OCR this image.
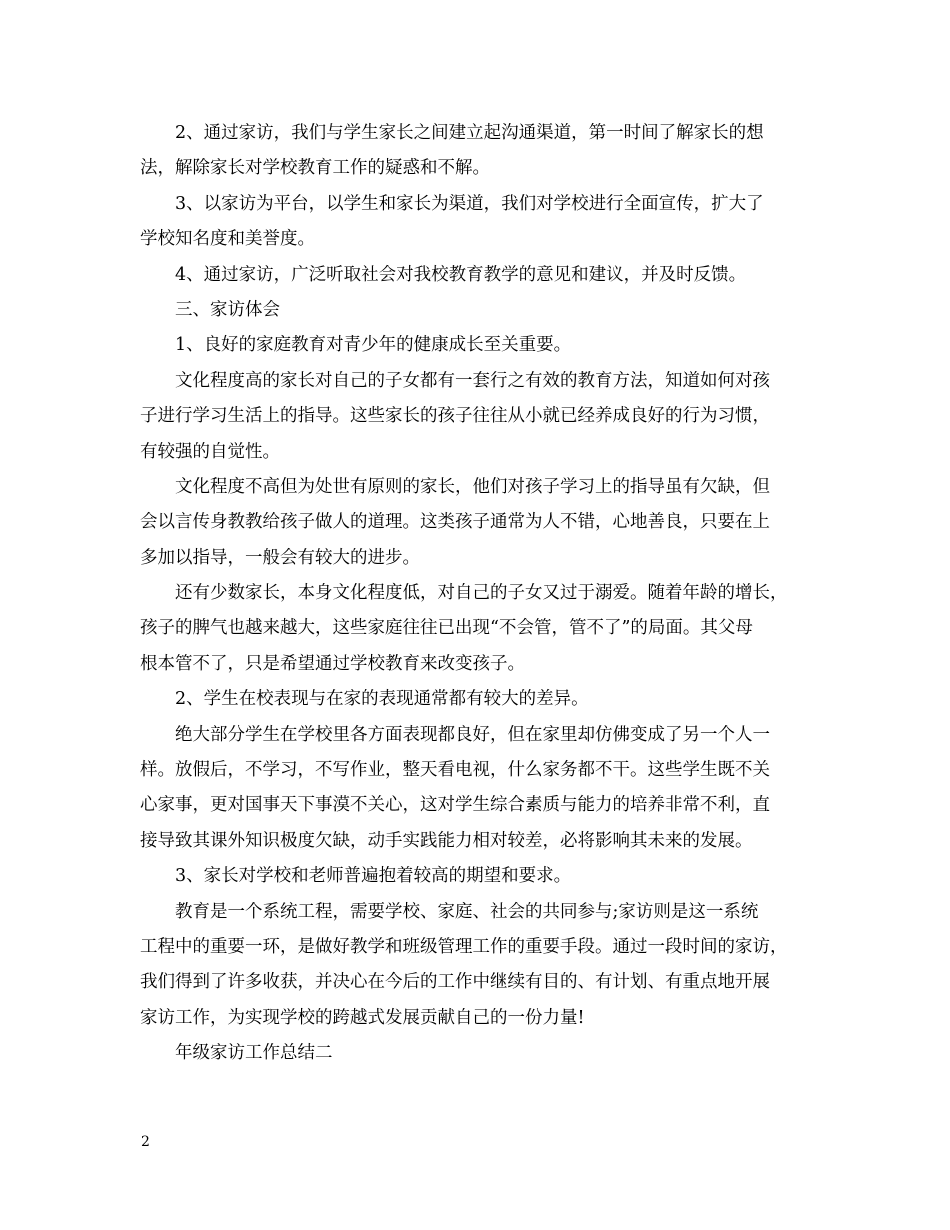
2、通过家访，我们与学生家长之间建立起沟通渠道，第一时间了解家长的想
法，解除家长对学校教育工作的疑惑和不解。
3、以家访为平台，以学生和家长为渠道，我们对学校进行全面宣传，扩大了
学校知名度和美誉度。
4、通过家访，广泛听取社会对我校教育教学的意见和建议，并及时反馈。
三、家访体会
1、良好的家庭教育对青少年的健康成长至关重要。
文化程度高的家长对自己的子女都有一套行之有效的教育方法，知道如何对孩
子进行学习生活上的指导。这些家长的孩子往往从小就已经养成良好的行为习惯，
有较强的自觉性。
文化程度不高但为处世有原则的家长，他们对孩子学习上的指导虽有欠缺，但
会以言传身教教给孩子做人的道理。这类孩子通常为人不错，心地善良，只要在上
多加以指导，一般会有较大的进步。
还有少数家长，本身文化程度低，对自己的子女又过于溺爱。随着年龄的增长，
孩子的脾气也越来越大，这些家庭往往已出现“不会管，管不了”的局面。其父母
根本管不了，只是希望通过学校教育来改变孩子。
2、学生在校表现与在家的表现通常都有较大的差异。
绝大部分学生在学校里各方面表现都良好，但在家里却仿佛变成了另一个人一
样。放假后，不学习，不写作业，整天看电视，什么家务都不干。这些学生既不关
心家事，更对国事天下事漠不关心，这对学生综合素质与能力的培养非常不利，直
接导致其课外知识极度欠缺，动手实践能力相对较差，必将影响其未来的发展。
3、家长对学校和老师普遍抱着较高的期望和要求。
教育是一个系统工程，需要学校、家庭、社会的共同参与;家访则是这一系统
工程中的重要一环，是做好教学和班级管理工作的重要手段。通过一段时间的家访，
我们得到了许多收获，并决心在今后的工作中继续有目的、有计划、有重点地开展
家访工作，为实现学校的跨越式发展贡献自己的一份力量!
年级家访工作总结二
2
